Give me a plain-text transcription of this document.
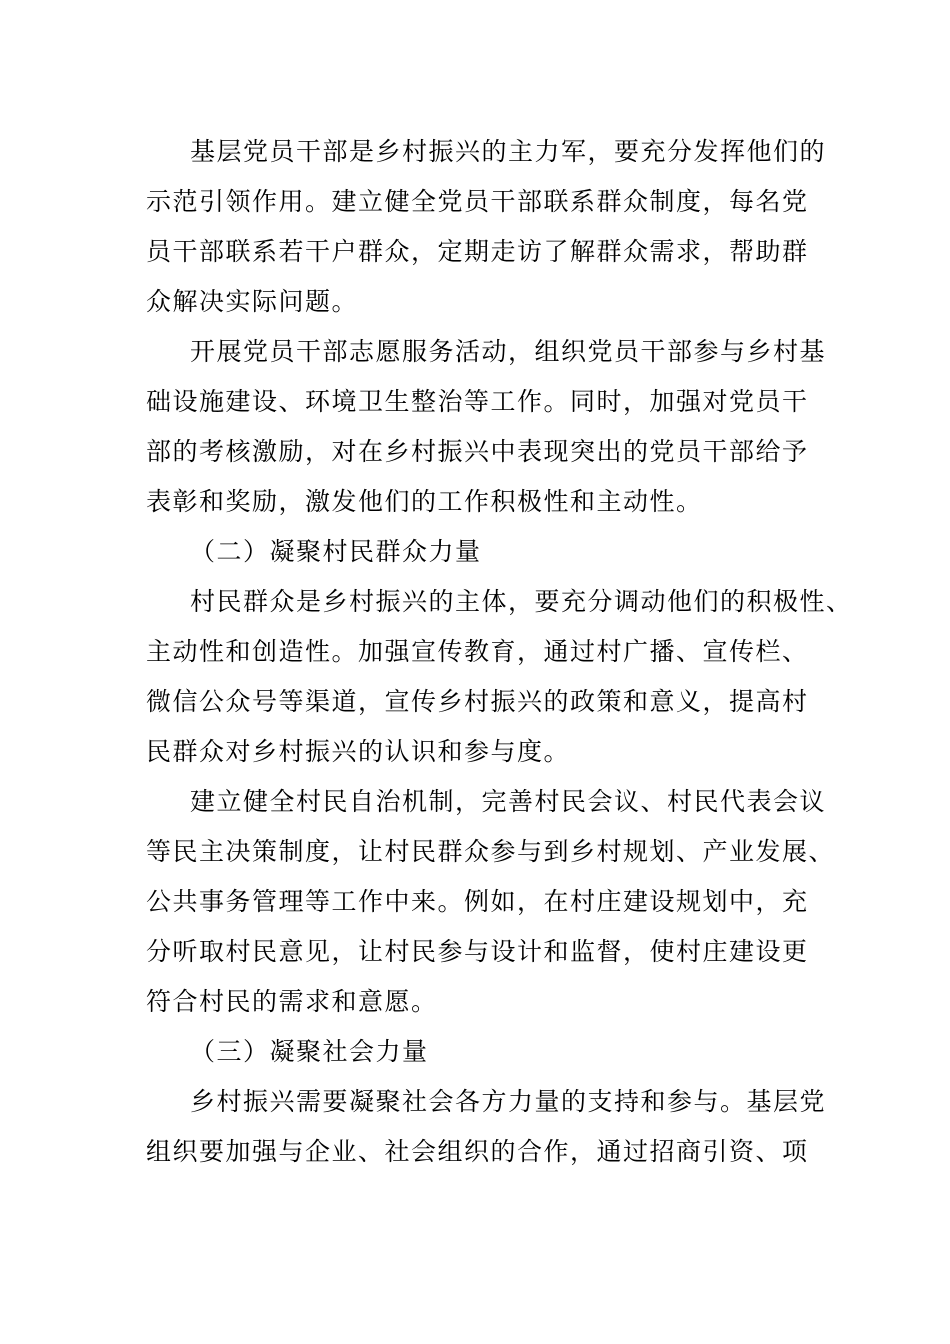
基层党员干部是乡村振兴的主力军，要充分发挥他们的

示范引领作用。建立健全党员干部联系群众制度，每名党

员干部联系若干户群众，定期走访了解群众需求，帮助群

众解决实际问题。

开展党员干部志愿服务活动，组织党员干部参与乡村基

础设施建设、环境卫生整治等工作。同时，加强对党员干

部的考核激励，对在乡村振兴中表现突出的党员干部给予

表彰和奖励，激发他们的工作积极性和主动性。

（二）凝聚村民群众力量

村民群众是乡村振兴的主体，要充分调动他们的积极性、

主动性和创造性。加强宣传教育，通过村广播、宣传栏、

微信公众号等渠道，宣传乡村振兴的政策和意义，提高村

民群众对乡村振兴的认识和参与度。

建立健全村民自治机制，完善村民会议、村民代表会议

等民主决策制度，让村民群众参与到乡村规划、产业发展、

公共事务管理等工作中来。例如，在村庄建设规划中，充

分听取村民意见，让村民参与设计和监督，使村庄建设更

符合村民的需求和意愿。

（三）凝聚社会力量

乡村振兴需要凝聚社会各方力量的支持和参与。基层党

组织要加强与企业、社会组织的合作，通过招商引资、项
